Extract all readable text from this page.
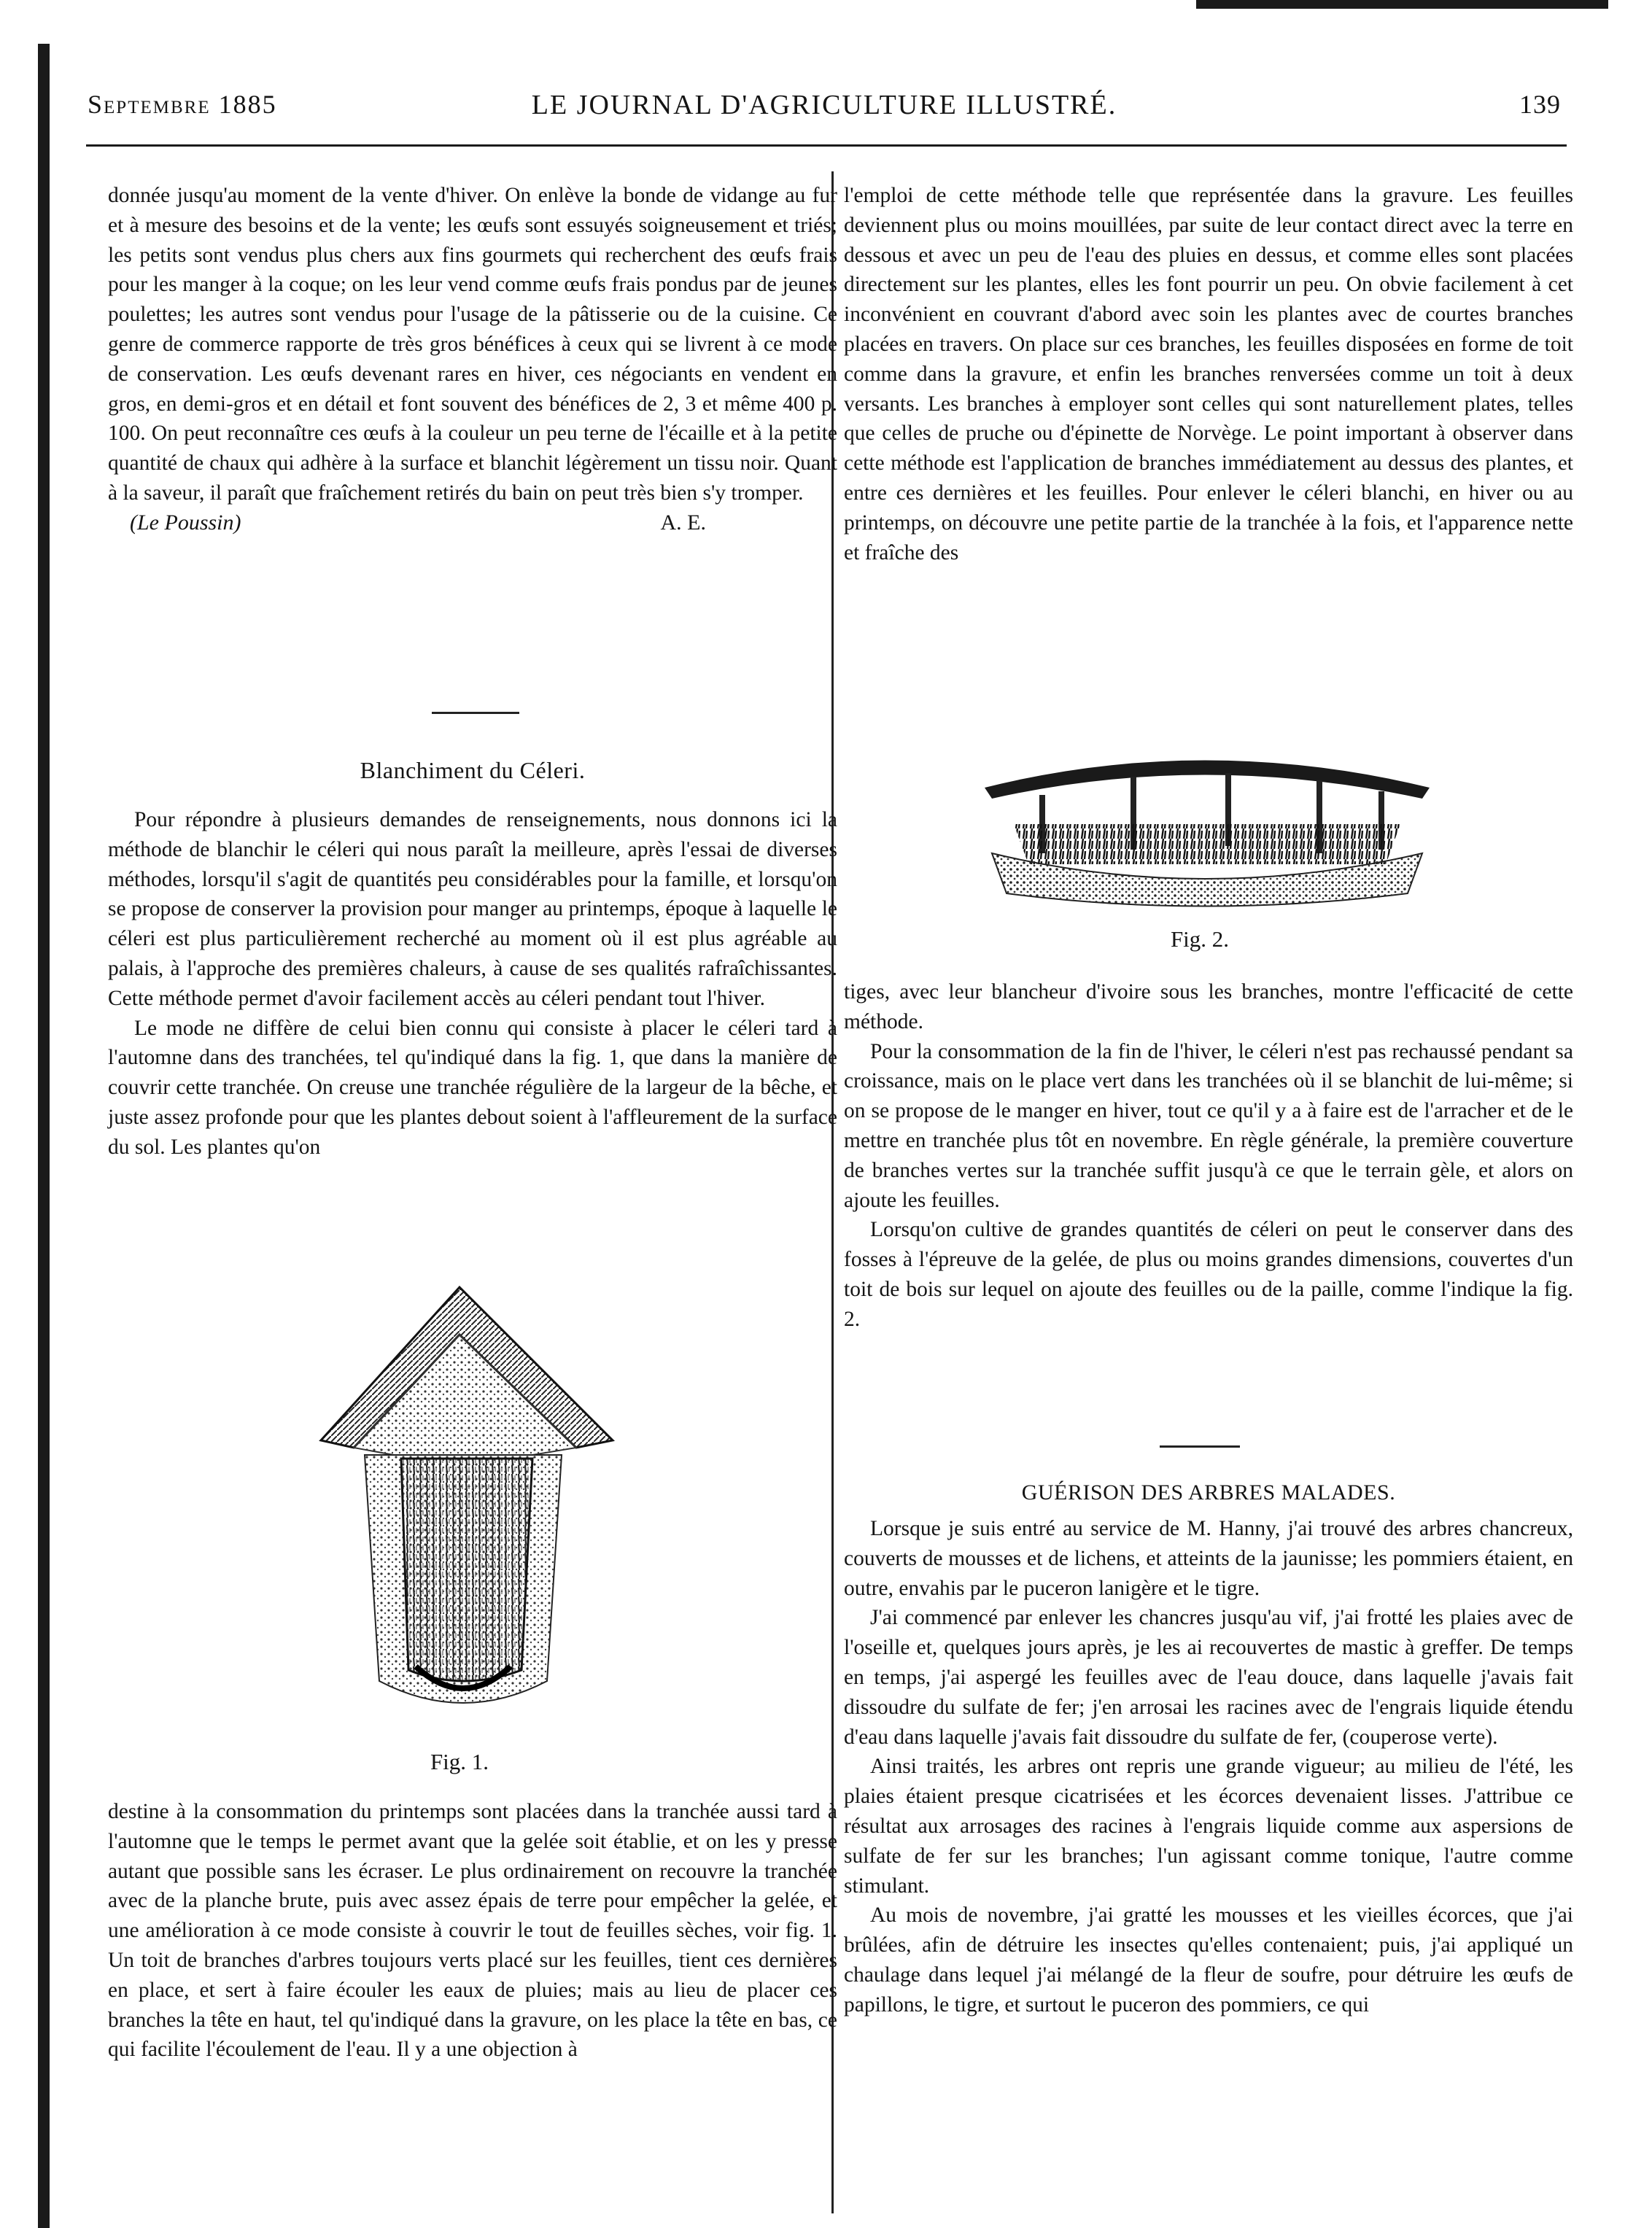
Septembre 1885	LE JOURNAL D'AGRICULTURE ILLUSTRÉ.	139

donnée jusqu'au moment de la vente d'hiver. On enlève la bonde de vidange au fur et à mesure des besoins et de la vente; les œufs sont essuyés soigneusement et triés; les petits sont vendus plus chers aux fins gourmets qui recherchent des œufs frais pour les manger à la coque; on les leur vend comme œufs frais pondus par de jeunes poulettes; les autres sont vendus pour l'usage de la pâtisserie ou de la cuisine. Ce genre de commerce rapporte de très gros bénéfices à ceux qui se livrent à ce mode de conservation. Les œufs devenant rares en hiver, ces négociants en vendent en gros, en demi-gros et en détail et font souvent des bénéfices de 2, 3 et même 400 p. 100. On peut reconnaître ces œufs à la couleur un peu terne de l'écaille et à la petite quantité de chaux qui adhère à la surface et blanchit légèrement un tissu noir. Quant à la saveur, il paraît que fraîchement retirés du bain on peut très bien s'y tromper.

(Le Poussin)	A. E.
Blanchiment du Céleri.

Pour répondre à plusieurs demandes de renseignements, nous donnons ici la méthode de blanchir le céleri qui nous paraît la meilleure, après l'essai de diverses méthodes, lorsqu'il s'agit de quantités peu considérables pour la famille, et lorsqu'on se propose de conserver la provision pour manger au printemps, époque à laquelle le céleri est plus particulièrement recherché au moment où il est plus agréable au palais, à l'approche des premières chaleurs, à cause de ses qualités rafraîchissantes. Cette méthode permet d'avoir facilement accès au céleri pendant tout l'hiver.

Le mode ne diffère de celui bien connu qui consiste à placer le céleri tard à l'automne dans des tranchées, tel qu'indiqué dans la fig. 1, que dans la manière de couvrir cette tranchée. On creuse une tranchée régulière de la largeur de la bêche, et juste assez profonde pour que les plantes debout soient à l'affleurement de la surface du sol. Les plantes qu'on

Fig. 1.

destine à la consommation du printemps sont placées dans la tranchée aussi tard à l'automne que le temps le permet avant que la gelée soit établie, et on les y presse autant que possible sans les écraser. Le plus ordinairement on recouvre la tranchée avec de la planche brute, puis avec assez épais de terre pour empêcher la gelée, et une amélioration à ce mode consiste à couvrir le tout de feuilles sèches, voir fig. 1. Un toit de branches d'arbres toujours verts placé sur les feuilles, tient ces dernières en place, et sert à faire écouler les eaux de pluies; mais au lieu de placer ces branches la tête en haut, tel qu'indiqué dans la gravure, on les place la tête en bas, ce qui facilite l'écoulement de l'eau. Il y a une objection à

l'emploi de cette méthode telle que représentée dans la gravure. Les feuilles deviennent plus ou moins mouillées, par suite de leur contact direct avec la terre en dessous et avec un peu de l'eau des pluies en dessus, et comme elles sont placées directement sur les plantes, elles les font pourrir un peu. On obvie facilement à cet inconvénient en couvrant d'abord avec soin les plantes avec de courtes branches placées en travers. On place sur ces branches, les feuilles disposées en forme de toit comme dans la gravure, et enfin les branches renversées comme un toit à deux versants. Les branches à employer sont celles qui sont naturellement plates, telles que celles de pruche ou d'épinette de Norvège. Le point important à observer dans cette méthode est l'application de branches immédiatement au dessus des plantes, et entre ces dernières et les feuilles. Pour enlever le céleri blanchi, en hiver ou au printemps, on découvre une petite partie de la tranchée à la fois, et l'apparence nette et fraîche des

Fig. 2.

tiges, avec leur blancheur d'ivoire sous les branches, montre l'efficacité de cette méthode.

Pour la consommation de la fin de l'hiver, le céleri n'est pas rechaussé pendant sa croissance, mais on le place vert dans les tranchées où il se blanchit de lui-même; si on se propose de le manger en hiver, tout ce qu'il y a à faire est de l'arracher et de le mettre en tranchée plus tôt en novembre. En règle générale, la première couverture de branches vertes sur la tranchée suffit jusqu'à ce que le terrain gèle, et alors on ajoute les feuilles.

Lorsqu'on cultive de grandes quantités de céleri on peut le conserver dans des fosses à l'épreuve de la gelée, de plus ou moins grandes dimensions, couvertes d'un toit de bois sur lequel on ajoute des feuilles ou de la paille, comme l'indique la fig. 2.

GUÉRISON DES ARBRES MALADES.

Lorsque je suis entré au service de M. Hanny, j'ai trouvé des arbres chancreux, couverts de mousses et de lichens, et atteints de la jaunisse; les pommiers étaient, en outre, envahis par le puceron lanigère et le tigre.

J'ai commencé par enlever les chancres jusqu'au vif, j'ai frotté les plaies avec de l'oseille et, quelques jours après, je les ai recouvertes de mastic à greffer. De temps en temps, j'ai aspergé les feuilles avec de l'eau douce, dans laquelle j'avais fait dissoudre du sulfate de fer; j'en arrosai les racines avec de l'engrais liquide étendu d'eau dans laquelle j'avais fait dissoudre du sulfate de fer, (couperose verte).

Ainsi traités, les arbres ont repris une grande vigueur; au milieu de l'été, les plaies étaient presque cicatrisées et les écorces devenaient lisses. J'attribue ce résultat aux arrosages des racines à l'engrais liquide comme aux aspersions de sulfate de fer sur les branches; l'un agissant comme tonique, l'autre comme stimulant.

Au mois de novembre, j'ai gratté les mousses et les vieilles écorces, que j'ai brûlées, afin de détruire les insectes qu'elles contenaient; puis, j'ai appliqué un chaulage dans lequel j'ai mélangé de la fleur de soufre, pour détruire les œufs de papillons, le tigre, et surtout le puceron des pommiers, ce qui
